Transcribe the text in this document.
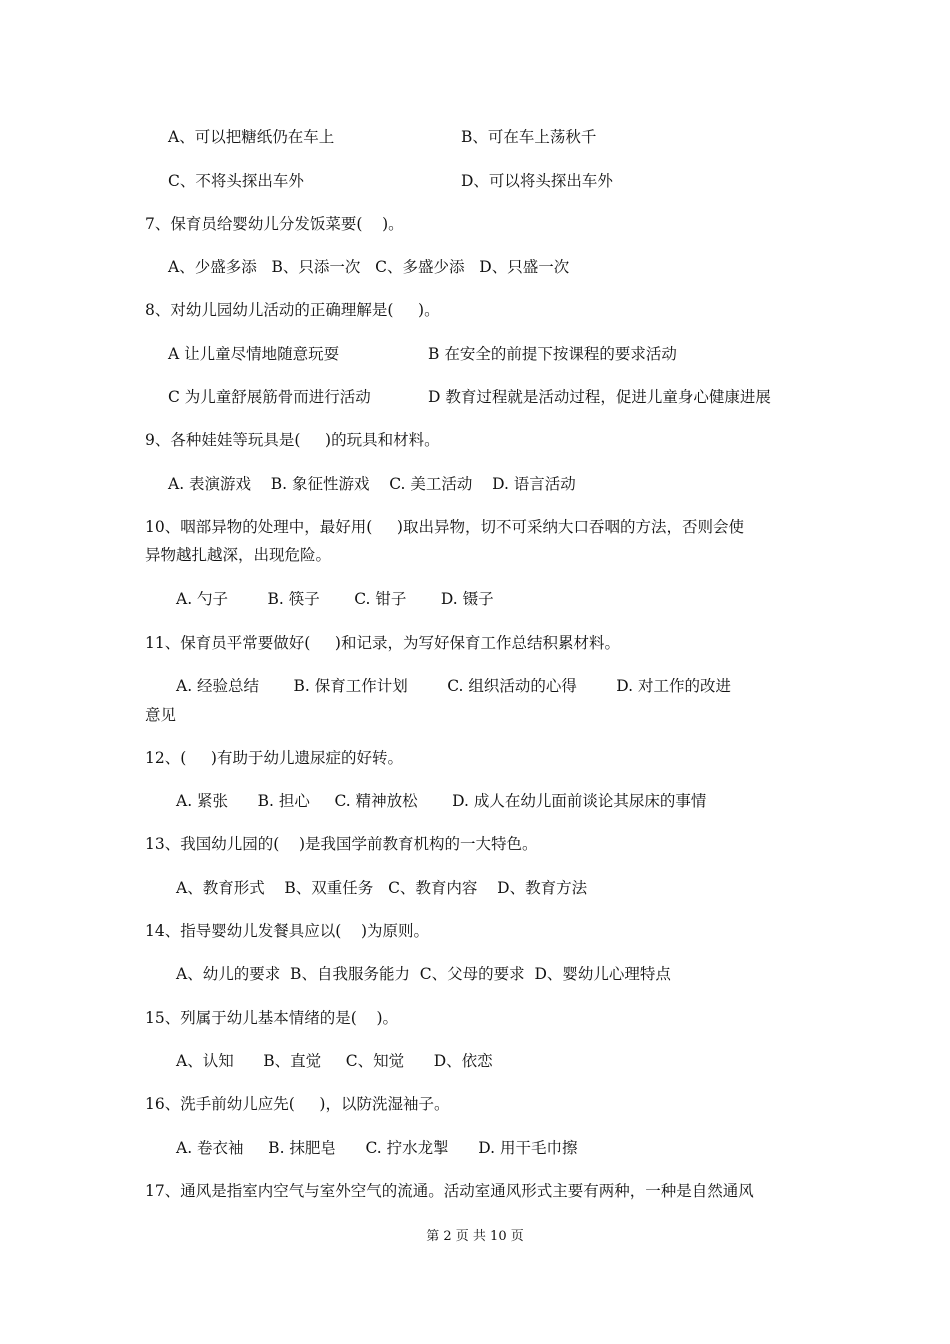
A、可以把糖纸仍在车上	B、可在车上荡秋千
C、不将头探出车外	D、可以将头探出车外
7、保育员给婴幼儿分发饭菜要(    )。
A、少盛多添   B、只添一次   C、多盛少添   D、只盛一次
8、对幼儿园幼儿活动的正确理解是(     )。
A 让儿童尽情地随意玩耍	B 在安全的前提下按课程的要求活动
C 为儿童舒展筋骨而进行活动	D 教育过程就是活动过程，促进儿童身心健康进展
9、各种娃娃等玩具是(     )的玩具和材料。
A. 表演游戏    B. 象征性游戏    C. 美工活动    D. 语言活动
10、咽部异物的处理中，最好用(     )取出异物，切不可采纳大口吞咽的方法，否则会使
异物越扎越深，出现危险。
A. 勺子        B. 筷子       C. 钳子       D. 镊子
11、保育员平常要做好(     )和记录，为写好保育工作总结积累材料。
A. 经验总结       B. 保育工作计划        C. 组织活动的心得        D. 对工作的改进
意见
12、(     )有助于幼儿遗尿症的好转。
A. 紧张      B. 担心     C. 精神放松       D. 成人在幼儿面前谈论其尿床的事情
13、我国幼儿园的(    )是我国学前教育机构的一大特色。
A、教育形式    B、双重任务   C、教育内容    D、教育方法
14、指导婴幼儿发餐具应以(    )为原则。
A、幼儿的要求  B、自我服务能力  C、父母的要求  D、婴幼儿心理特点
15、列属于幼儿基本情绪的是(    )。
A、认知      B、直觉     C、知觉      D、依恋
16、洗手前幼儿应先(     )，以防洗湿袖子。
A. 卷衣袖     B. 抹肥皂      C. 拧水龙掣      D. 用干毛巾擦
17、通风是指室内空气与室外空气的流通。活动室通风形式主要有两种，一种是自然通风
第 2 页 共 10 页
